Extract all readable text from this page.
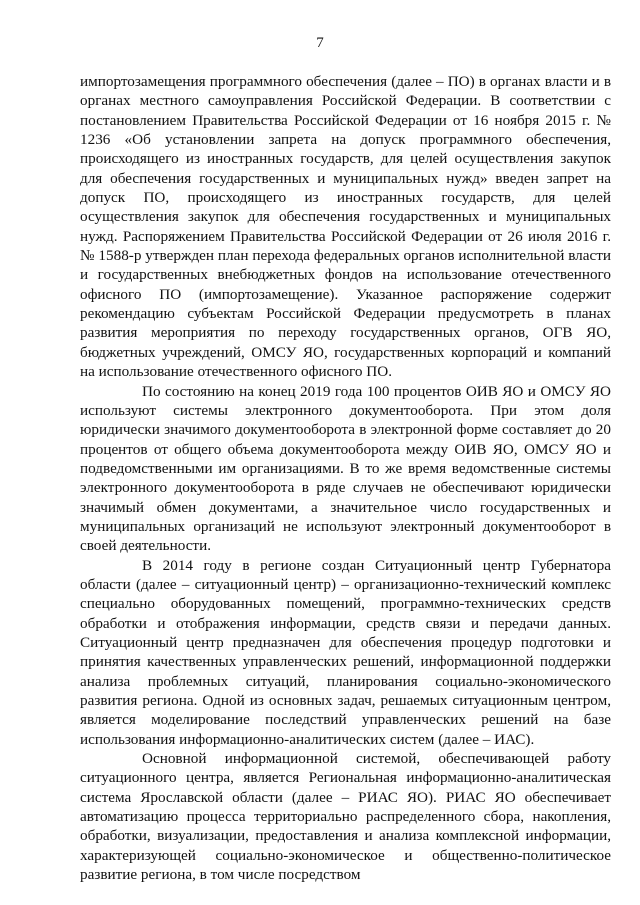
7

импортозамещения программного обеспечения (далее – ПО) в органах власти и в органах местного самоуправления Российской Федерации. В соответствии с постановлением Правительства Российской Федерации от 16 ноября 2015 г. № 1236 «Об установлении запрета на допуск программного обеспечения, происходящего из иностранных государств, для целей осуществления закупок для обеспечения государственных и муниципальных нужд» введен запрет на допуск ПО, происходящего из иностранных государств, для целей осуществления закупок для обеспечения государственных и муниципальных нужд. Распоряжением Правительства Российской Федерации от 26 июля 2016 г. № 1588-р утвержден план перехода федеральных органов исполнительной власти и государственных внебюджетных фондов на использование отечественного офисного ПО (импортозамещение). Указанное распоряжение содержит рекомендацию субъектам Российской Федерации предусмотреть в планах развития мероприятия по переходу государственных органов, ОГВ ЯО, бюджетных учреждений, ОМСУ ЯО, государственных корпораций и компаний на использование отечественного офисного ПО.

По состоянию на конец 2019 года 100 процентов ОИВ ЯО и ОМСУ ЯО используют системы электронного документооборота. При этом доля юридически значимого документооборота в электронной форме составляет до 20 процентов от общего объема документооборота между ОИВ ЯО, ОМСУ ЯО и подведомственными им организациями. В то же время ведомственные системы электронного документооборота в ряде случаев не обеспечивают юридически значимый обмен документами, а значительное число государственных и муниципальных организаций не используют электронный документооборот в своей деятельности.

В 2014 году в регионе создан Ситуационный центр Губернатора области (далее – ситуационный центр) – организационно-технический комплекс специально оборудованных помещений, программно-технических средств обработки и отображения информации, средств связи и передачи данных. Ситуационный центр предназначен для обеспечения процедур подготовки и принятия качественных управленческих решений, информационной поддержки анализа проблемных ситуаций, планирования социально-экономического развития региона. Одной из основных задач, решаемых ситуационным центром, является моделирование последствий управленческих решений на базе использования информационно-аналитических систем (далее – ИАС).

Основной информационной системой, обеспечивающей работу ситуационного центра, является Региональная информационно-аналитическая система Ярославской области (далее – РИАС ЯО). РИАС ЯО обеспечивает автоматизацию процесса территориально распределенного сбора, накопления, обработки, визуализации, предоставления и анализа комплексной информации, характеризующей социально-экономическое и общественно-политическое развитие региона, в том числе посредством
